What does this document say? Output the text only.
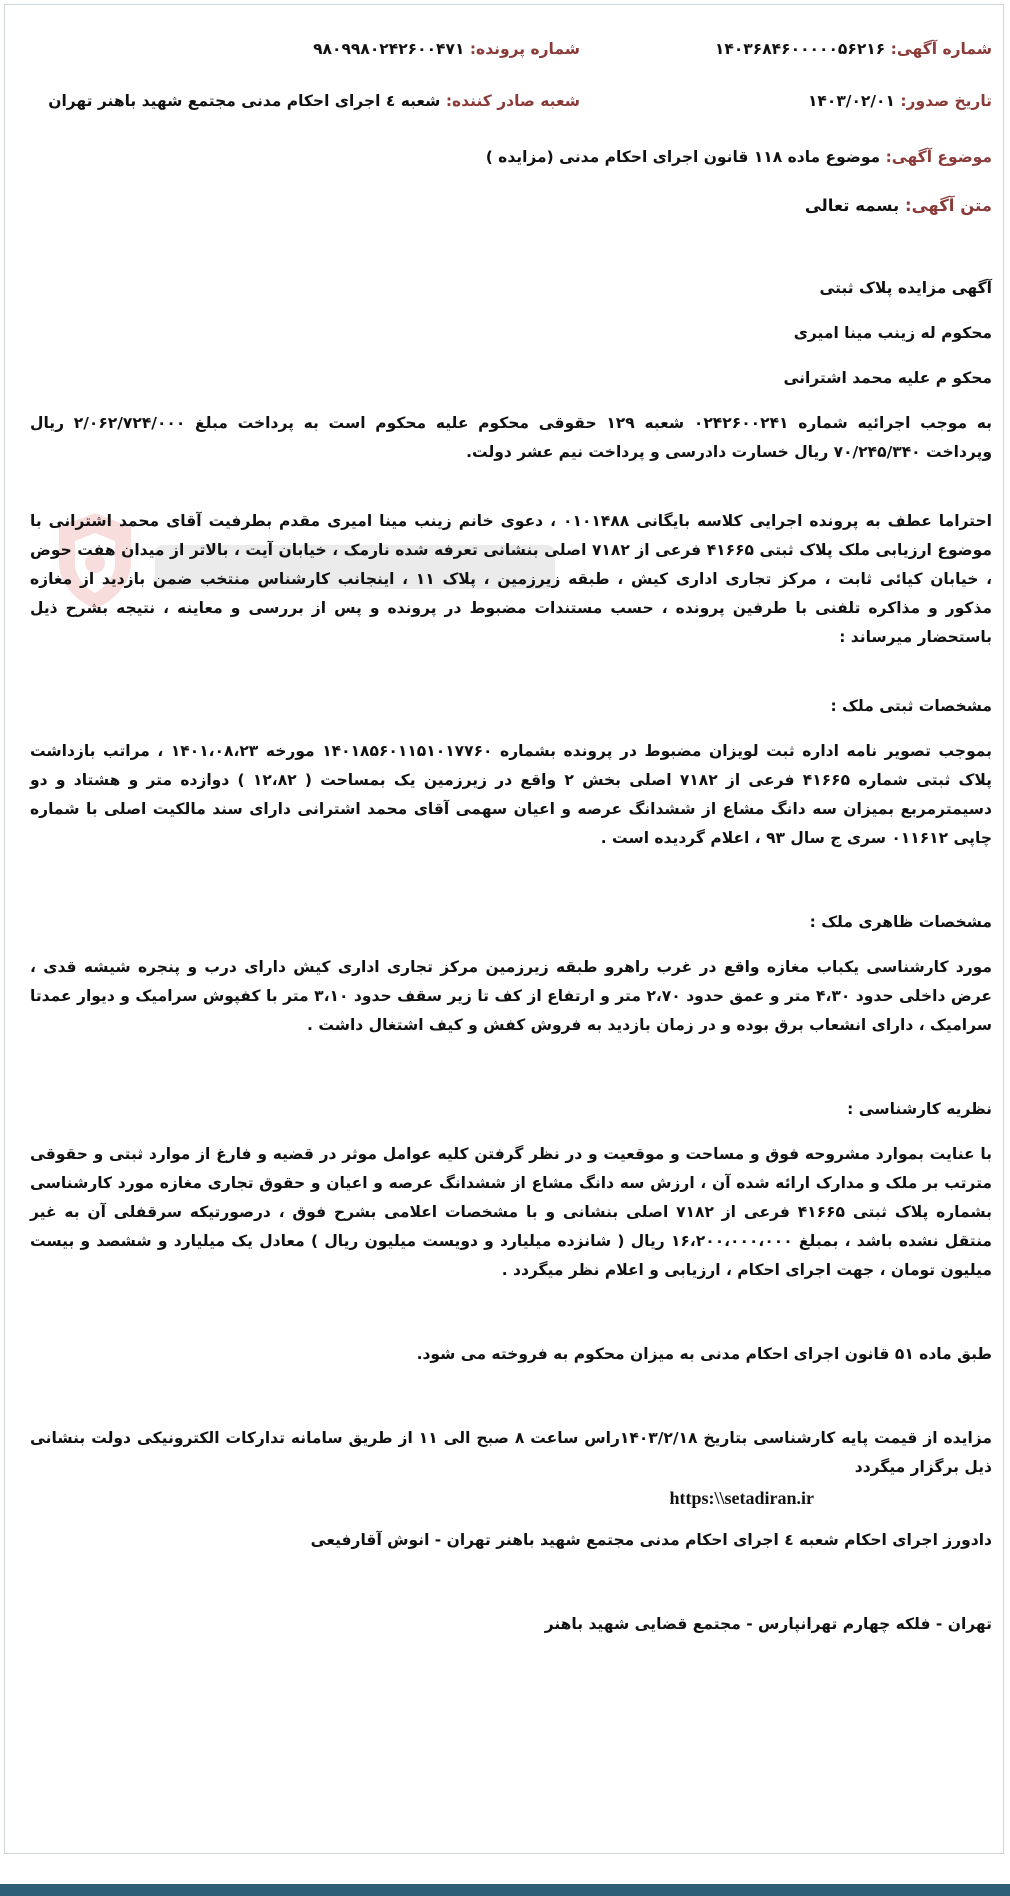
شماره آگهی: ۱۴۰۳۶۸۴۶۰۰۰۰۰۵۶۲۱۶
شماره پرونده: ۹۸۰۹۹۸۰۲۴۲۶۰۰۴۷۱
تاریخ صدور: ۱۴۰۳/۰۲/۰۱
شعبه صادر کننده: شعبه ٤ اجرای احکام مدنی مجتمع شهید باهنر تهران
موضوع آگهی: موضوع ماده ۱۱۸ قانون اجرای احکام مدنی (مزایده )
متن آگهی: بسمه تعالی

آگهی مزایده پلاک ثبتی

محکوم له زینب مینا امیری

محکو م علیه محمد اشترانی

به موجب اجرائیه شماره ۰۲۴۲۶۰۰۲۴۱ شعبه ۱۲۹ حقوقی محکوم علیه محکوم است به پرداخت مبلغ ۲/۰۶۲/۷۲۴/۰۰۰ ریال وپرداخت ۷۰/۲۴۵/۳۴۰ ریال خسارت دادرسی و پرداخت نیم عشر دولت.

احتراما عطف به پرونده اجرایی کلاسه بایگانی ۰۱۰۱۴۸۸ ، دعوی خانم زینب مینا امیری مقدم بطرفیت آقای محمد اشترانی با موضوع ارزیابی ملک پلاک ثبتی ۴۱۶۶۵ فرعی از ۷۱۸۲ اصلی بنشانی تعرفه شده نارمک ، خیابان آیت ، بالاتر از میدان هفت حوض ، خیابان کیائی ثابت ، مرکز تجاری اداری کیش ، طبقه زیرزمین ، پلاک ۱۱ ، اینجانب کارشناس منتخب ضمن بازدید از مغازه مذکور و مذاکره تلفنی با طرفین پرونده ، حسب مستندات مضبوط در پرونده و پس از بررسی و معاینه ، نتیجه بشرح ذیل باستحضار میرساند :

مشخصات ثبتی ملک :

بموجب تصویر نامه اداره ثبت لویزان مضبوط در پرونده بشماره ۱۴۰۱۸۵۶۰۱۱۵۱۰۱۷۷۶۰ مورخه ۱۴۰۱،۰۸،۲۳ ، مراتب بازداشت پلاک ثبتی شماره ۴۱۶۶۵ فرعی از ۷۱۸۲ اصلی بخش ۲ واقع در زیرزمین یک بمساحت ( ۱۲،۸۲ ) دوازده متر و هشتاد و دو دسیمترمربع بمیزان سه دانگ مشاع از ششدانگ عرصه و اعیان سهمی آقای محمد اشترانی دارای سند مالکیت اصلی با شماره چاپی ۰۱۱۶۱۲ سری ج سال ۹۳ ، اعلام گردیده است .

مشخصات ظاهری ملک :

مورد کارشناسی یکباب مغازه واقع در غرب راهرو طبقه زیرزمین مرکز تجاری اداری کیش دارای درب و پنجره شیشه قدی ، عرض داخلی حدود ۴،۳۰ متر و عمق حدود ۲،۷۰ متر و ارتفاع از کف تا زیر سقف حدود ۳،۱۰ متر با کفپوش سرامیک و دیوار عمدتا سرامیک ، دارای انشعاب برق بوده و در زمان بازدید به فروش کفش و کیف اشتغال داشت .

نظریه کارشناسی :

با عنایت بموارد مشروحه فوق و مساحت و موقعیت و در نظر گرفتن کلیه عوامل موثر در قضیه و فارغ از موارد ثبتی و حقوقی مترتب بر ملک و مدارک ارائه شده آن ، ارزش سه دانگ مشاع از ششدانگ عرصه و اعیان و حقوق تجاری مغازه مورد کارشناسی بشماره پلاک ثبتی ۴۱۶۶۵ فرعی از ۷۱۸۲ اصلی بنشانی و با مشخصات اعلامی بشرح فوق ، درصورتیکه سرقفلی آن به غیر منتقل نشده باشد ، بمبلغ ۱۶،۲۰۰،۰۰۰،۰۰۰ ریال ( شانزده میلیارد و دویست میلیون ریال ) معادل یک میلیارد و ششصد و بیست میلیون تومان ، جهت اجرای احکام ، ارزیابی و اعلام نظر میگردد .

طبق ماده ۵۱ قانون اجرای احکام مدنی به میزان محکوم به فروخته می شود.

مزایده از قیمت پایه کارشناسی بتاریخ ۱۴۰۳/۲/۱۸راس ساعت ۸ صبح الی ۱۱ از طریق سامانه تدارکات الکترونیکی دولت بنشانی ذیل برگزار میگردد

https:\\setadiran.ir

دادورز اجرای احکام شعبه ٤ اجرای احکام مدنی مجتمع شهید باهنر تهران - انوش آقارفیعی

تهران - فلکه چهارم تهرانپارس - مجتمع قضایی شهید باهنر
